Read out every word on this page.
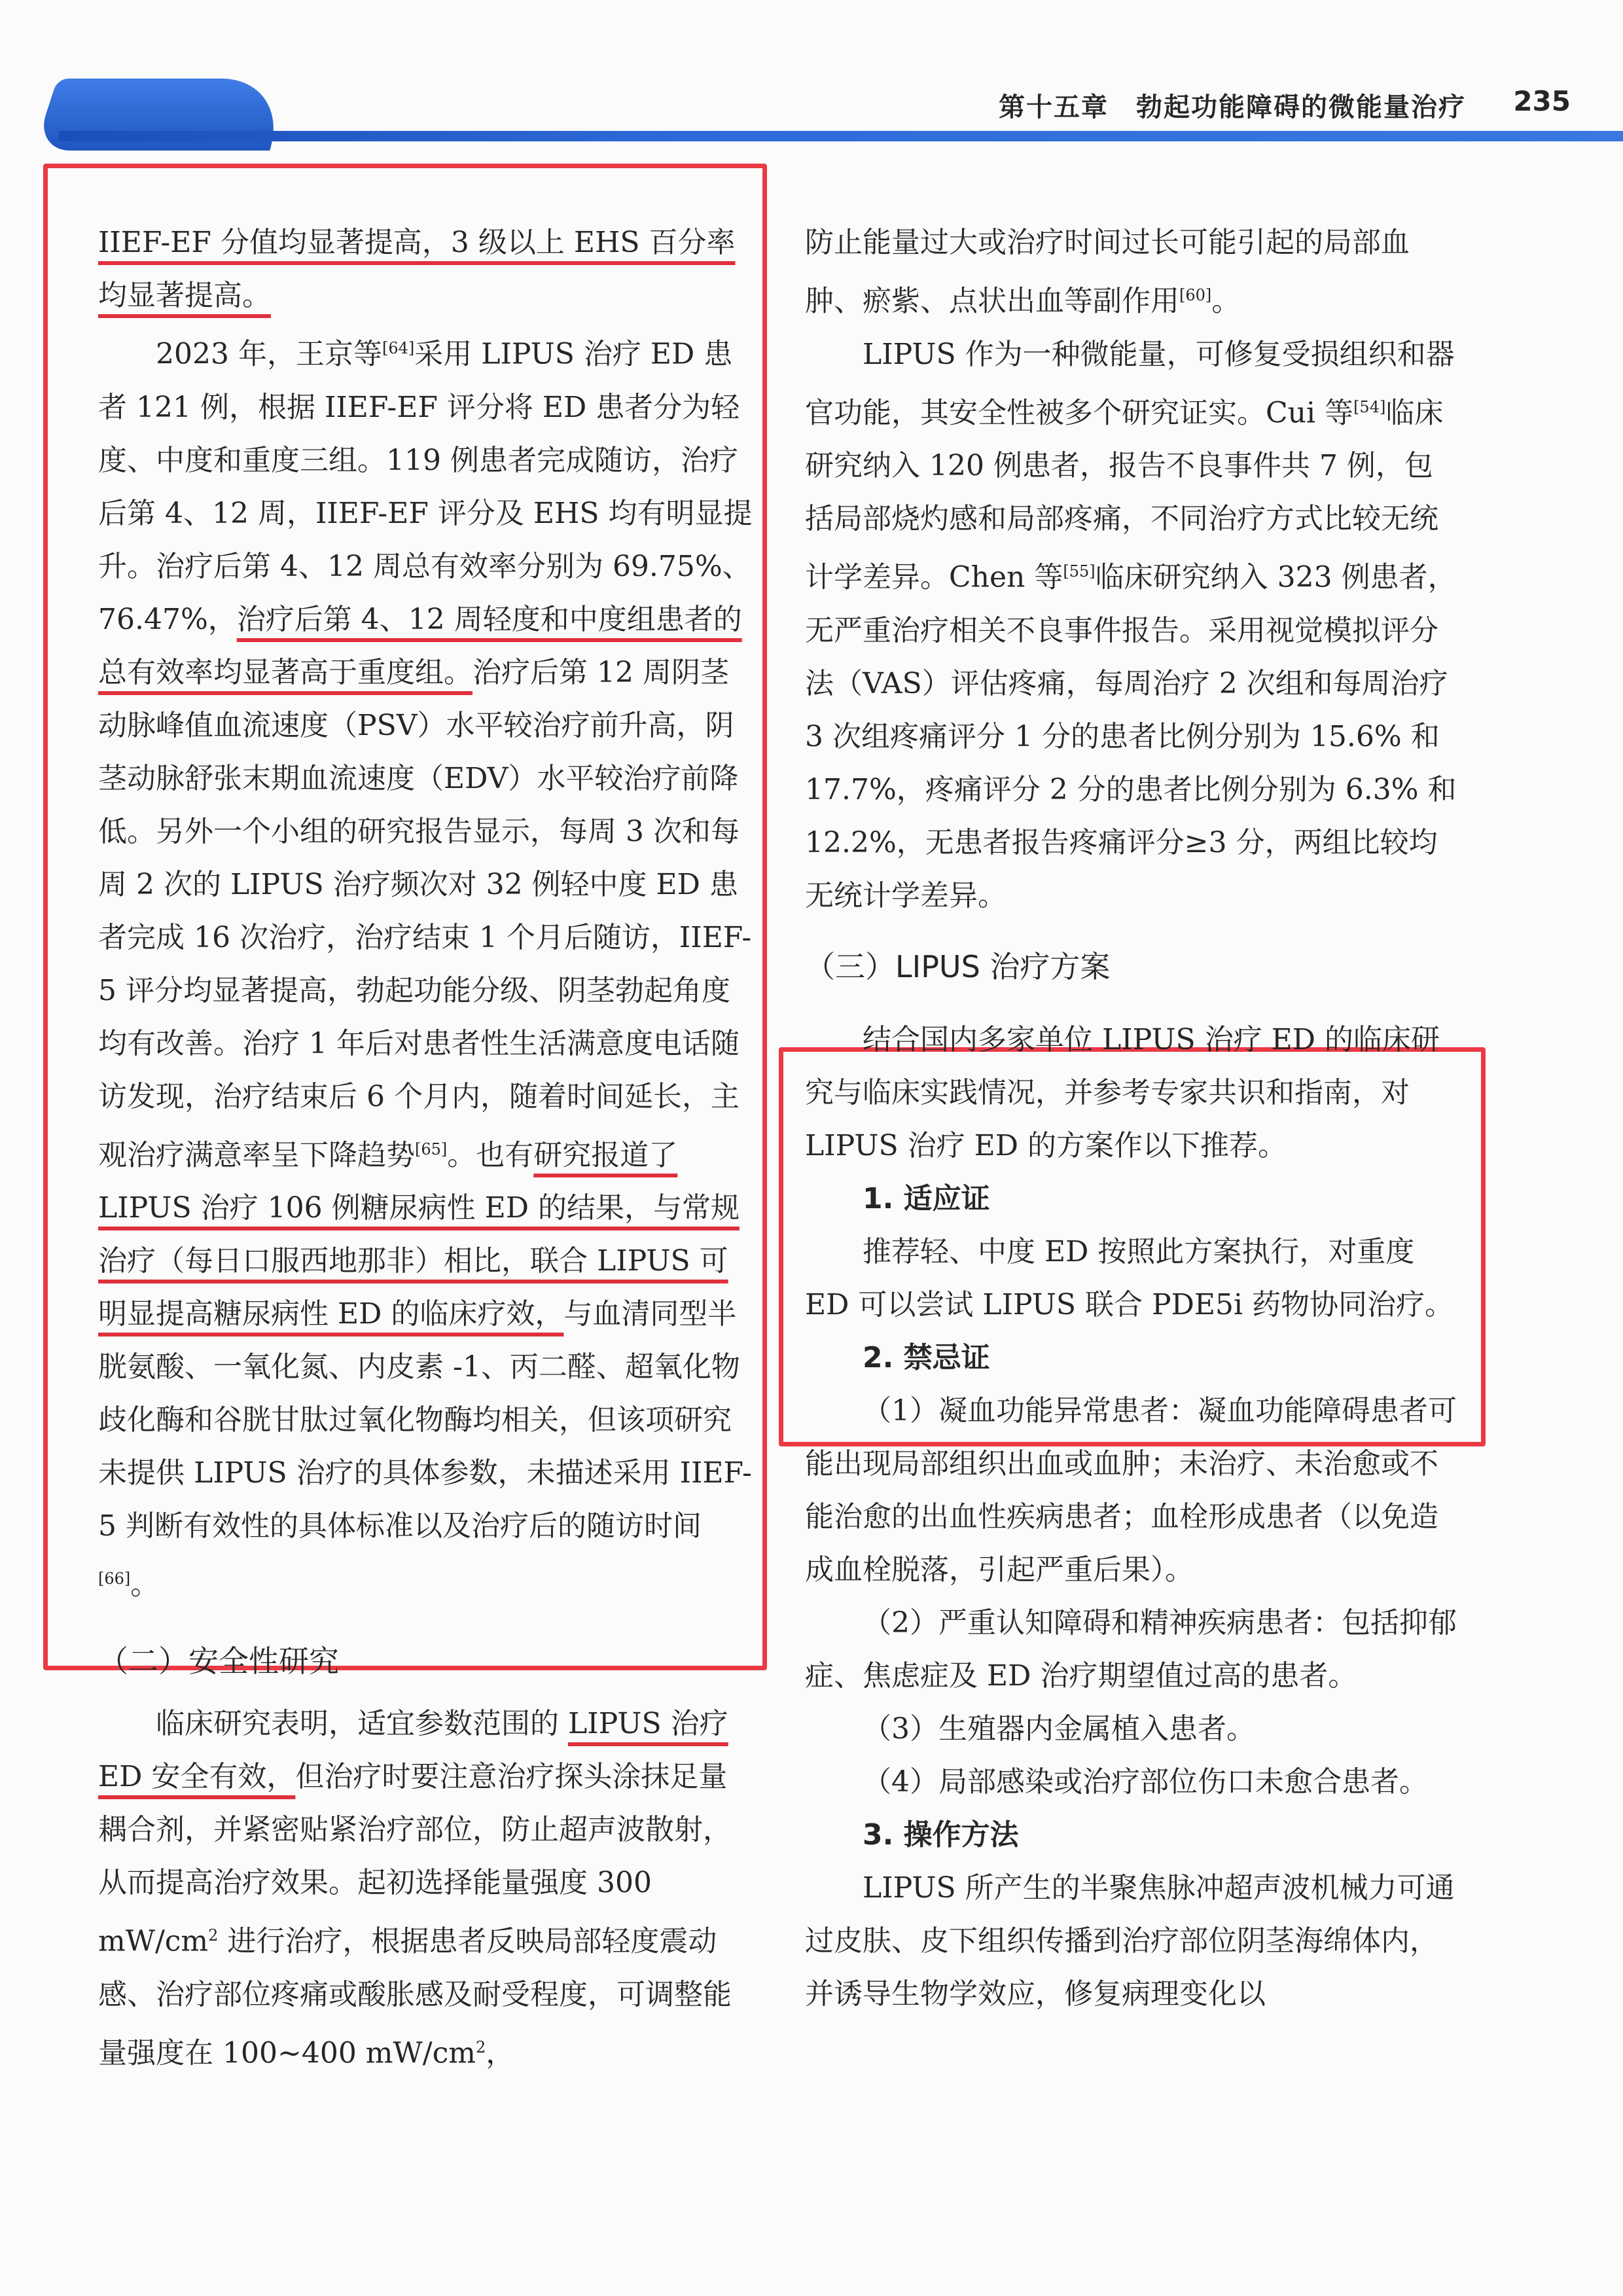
第十五章　勃起功能障碍的微能量治疗	235

IIEF-EF 分值均显著提高，3 级以上 EHS 百分率均显著提高。

2023 年，王京等[64]采用 LIPUS 治疗 ED 患者 121 例，根据 IIEF-EF 评分将 ED 患者分为轻度、中度和重度三组。119 例患者完成随访，治疗后第 4、12 周，IIEF-EF 评分及 EHS 均有明显提升。治疗后第 4、12 周总有效率分别为 69.75%、76.47%，治疗后第 4、12 周轻度和中度组患者的总有效率均显著高于重度组。治疗后第 12 周阴茎动脉峰值血流速度（PSV）水平较治疗前升高，阴茎动脉舒张末期血流速度（EDV）水平较治疗前降低。另外一个小组的研究报告显示，每周 3 次和每周 2 次的 LIPUS 治疗频次对 32 例轻中度 ED 患者完成 16 次治疗，治疗结束 1 个月后随访，IIEF-5 评分均显著提高，勃起功能分级、阴茎勃起角度均有改善。治疗 1 年后对患者性生活满意度电话随访发现，治疗结束后 6 个月内，随着时间延长，主观治疗满意率呈下降趋势[65]。也有研究报道了 LIPUS 治疗 106 例糖尿病性 ED 的结果，与常规治疗（每日口服西地那非）相比，联合 LIPUS 可明显提高糖尿病性 ED 的临床疗效，与血清同型半胱氨酸、一氧化氮、内皮素 -1、丙二醛、超氧化物歧化酶和谷胱甘肽过氧化物酶均相关，但该项研究未提供 LIPUS 治疗的具体参数，未描述采用 IIEF-5 判断有效性的具体标准以及治疗后的随访时间[66]。

（二）安全性研究

临床研究表明，适宜参数范围的 LIPUS 治疗 ED 安全有效，但治疗时要注意治疗探头涂抹足量耦合剂，并紧密贴紧治疗部位，防止超声波散射，从而提高治疗效果。起初选择能量强度 300 $mW/cm^2$ 进行治疗，根据患者反映局部轻度震动感、治疗部位疼痛或酸胀感及耐受程度，可调整能量强度在 100~400 $mW/cm^2$，

防止能量过大或治疗时间过长可能引起的局部血肿、瘀紫、点状出血等副作用[60]。

LIPUS 作为一种微能量，可修复受损组织和器官功能，其安全性被多个研究证实。Cui 等[54]临床研究纳入 120 例患者，报告不良事件共 7 例，包括局部烧灼感和局部疼痛，不同治疗方式比较无统计学差异。Chen 等[55]临床研究纳入 323 例患者，无严重治疗相关不良事件报告。采用视觉模拟评分法（VAS）评估疼痛，每周治疗 2 次组和每周治疗 3 次组疼痛评分 1 分的患者比例分别为 15.6% 和 17.7%，疼痛评分 2 分的患者比例分别为 6.3% 和 12.2%，无患者报告疼痛评分≥3 分，两组比较均无统计学差异。

（三）LIPUS 治疗方案

结合国内多家单位 LIPUS 治疗 ED 的临床研究与临床实践情况，并参考专家共识和指南，对 LIPUS 治疗 ED 的方案作以下推荐。

1. 适应证

推荐轻、中度 ED 按照此方案执行，对重度 ED 可以尝试 LIPUS 联合 PDE5i 药物协同治疗。

2. 禁忌证

（1）凝血功能异常患者：凝血功能障碍患者可能出现局部组织出血或血肿；未治疗、未治愈或不能治愈的出血性疾病患者；血栓形成患者（以免造成血栓脱落，引起严重后果）。

（2）严重认知障碍和精神疾病患者：包括抑郁症、焦虑症及 ED 治疗期望值过高的患者。

（3）生殖器内金属植入患者。

（4）局部感染或治疗部位伤口未愈合患者。

3. 操作方法

LIPUS 所产生的半聚焦脉冲超声波机械力可通过皮肤、皮下组织传播到治疗部位阴茎海绵体内，并诱导生物学效应，修复病理变化以
